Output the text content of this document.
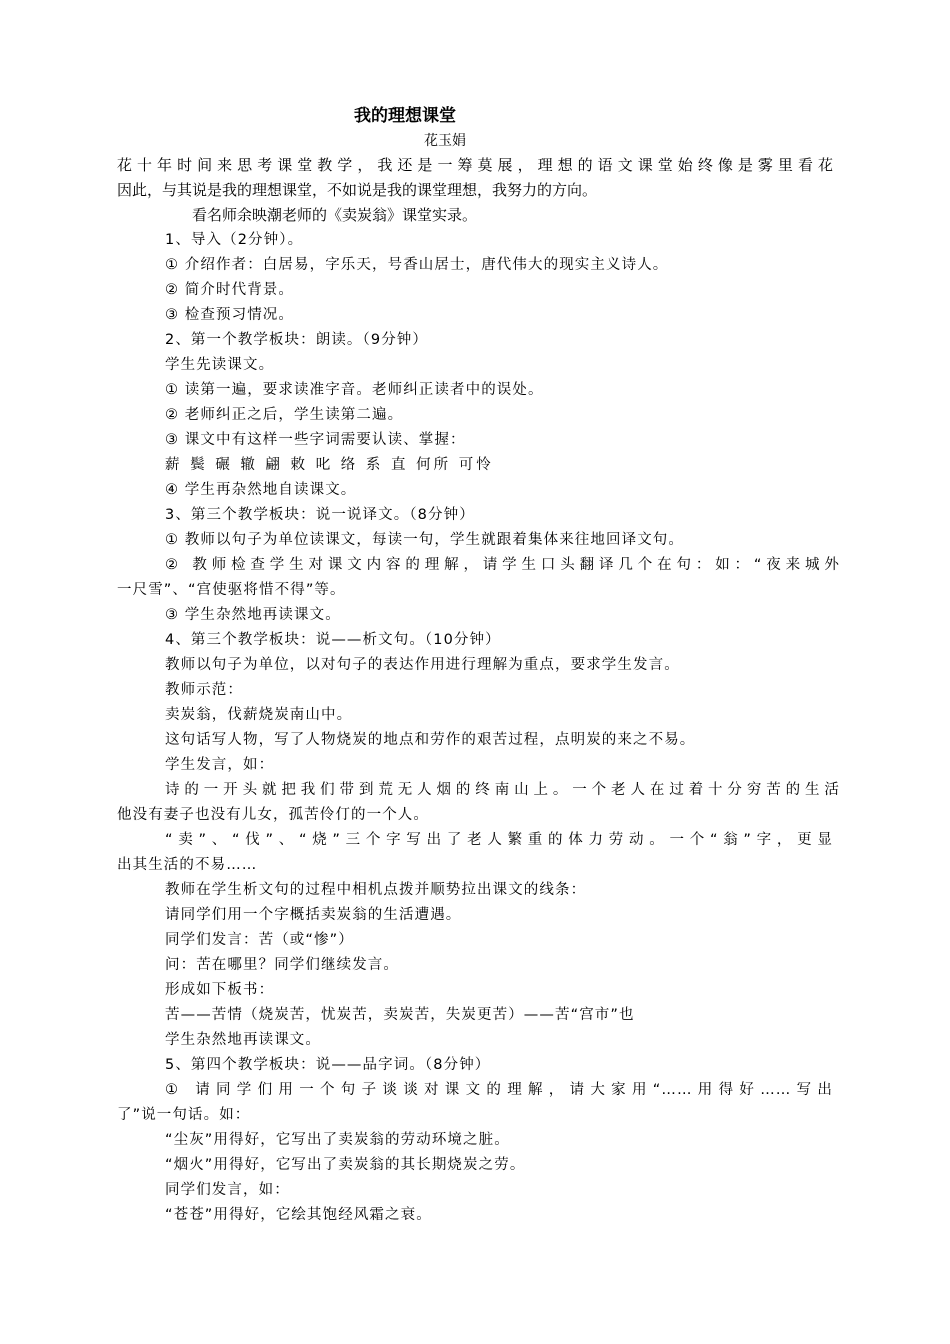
我的理想课堂
花玉娟
花十年时间来思考课堂教学，我还是一筹莫展，理想的语文课堂始终像是雾里看花
因此，与其说是我的理想课堂，不如说是我的课堂理想，我努力的方向。
看名师余映潮老师的《卖炭翁》课堂实录。
1、导入（2分钟）。
① 介绍作者：白居易，字乐天，号香山居士，唐代伟大的现实主义诗人。
② 简介时代背景。
③ 检查预习情况。
2、第一个教学板块：朗读。（9分钟）
学生先读课文。
① 读第一遍，要求读准字音。老师纠正读者中的误处。
② 老师纠正之后，学生读第二遍。
③ 课文中有这样一些字词需要认读、掌握：
薪 鬓 碾 辙 翩 敕 叱 络 系 直 何所 可怜
④ 学生再杂然地自读课文。
3、第三个教学板块：说一说译文。（8分钟）
① 教师以句子为单位读课文，每读一句，学生就跟着集体来往地回译文句。
② 教师检查学生对课文内容的理解，请学生口头翻译几个在句：如：“夜来城外
一尺雪”、“宫使驱将惜不得”等。
③ 学生杂然地再读课文。
4、第三个教学板块：说——析文句。（10分钟）
教师以句子为单位，以对句子的表达作用进行理解为重点，要求学生发言。
教师示范：
卖炭翁，伐薪烧炭南山中。
这句话写人物，写了人物烧炭的地点和劳作的艰苦过程，点明炭的来之不易。
学生发言，如：
诗的一开头就把我们带到荒无人烟的终南山上。一个老人在过着十分穷苦的生活
他没有妻子也没有儿女，孤苦伶仃的一个人。
“卖”、“伐”、“烧”三个字写出了老人繁重的体力劳动。一个“翁”字，更显
出其生活的不易……
教师在学生析文句的过程中相机点拨并顺势拉出课文的线条：
请同学们用一个字概括卖炭翁的生活遭遇。
同学们发言：苦（或“惨”）
问：苦在哪里？同学们继续发言。
形成如下板书：
苦——苦情（烧炭苦，忧炭苦，卖炭苦，失炭更苦）——苦“宫市”也
学生杂然地再读课文。
5、第四个教学板块：说——品字词。（8分钟）
① 请同学们用一个句子谈谈对课文的理解，请大家用“……用得好……写出
了”说一句话。如：
“尘灰”用得好，它写出了卖炭翁的劳动环境之脏。
“烟火”用得好，它写出了卖炭翁的其长期烧炭之劳。
同学们发言，如：
“苍苍”用得好，它绘其饱经风霜之衰。
